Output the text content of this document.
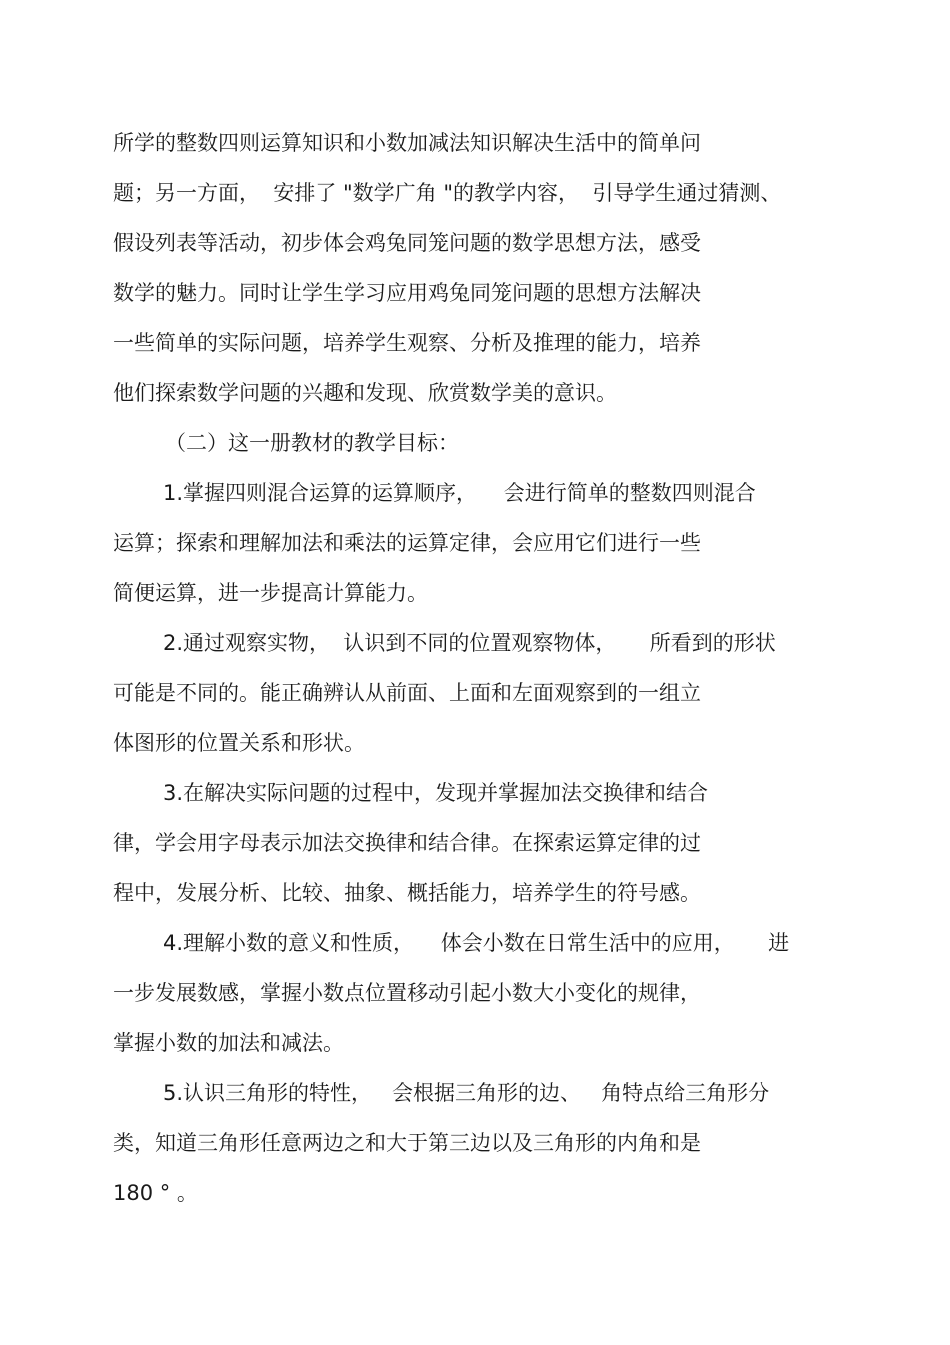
所学的整数四则运算知识和小数加减法知识解决生活中的简单问
题；另一方面，  安排了 "数学广角 "的教学内容，  引导学生通过猜测、
假设列表等活动，初步体会鸡兔同笼问题的数学思想方法，感受
数学的魅力。同时让学生学习应用鸡兔同笼问题的思想方法解决
一些简单的实际问题，培养学生观察、分析及推理的能力，培养
他们探索数学问题的兴趣和发现、欣赏数学美的意识。
（二）这一册教材的教学目标：
1.掌握四则混合运算的运算顺序，    会进行简单的整数四则混合
运算；探索和理解加法和乘法的运算定律，会应用它们进行一些
简便运算，进一步提高计算能力。
2.通过观察实物，  认识到不同的位置观察物体，     所看到的形状
可能是不同的。能正确辨认从前面、上面和左面观察到的一组立
体图形的位置关系和形状。
3.在解决实际问题的过程中，发现并掌握加法交换律和结合
律，学会用字母表示加法交换律和结合律。在探索运算定律的过
程中，发展分析、比较、抽象、概括能力，培养学生的符号感。
4.理解小数的意义和性质，    体会小数在日常生活中的应用，     进
一步发展数感，掌握小数点位置移动引起小数大小变化的规律，
掌握小数的加法和减法。
5.认识三角形的特性，   会根据三角形的边、   角特点给三角形分
类，知道三角形任意两边之和大于第三边以及三角形的内角和是
180 ° 。
